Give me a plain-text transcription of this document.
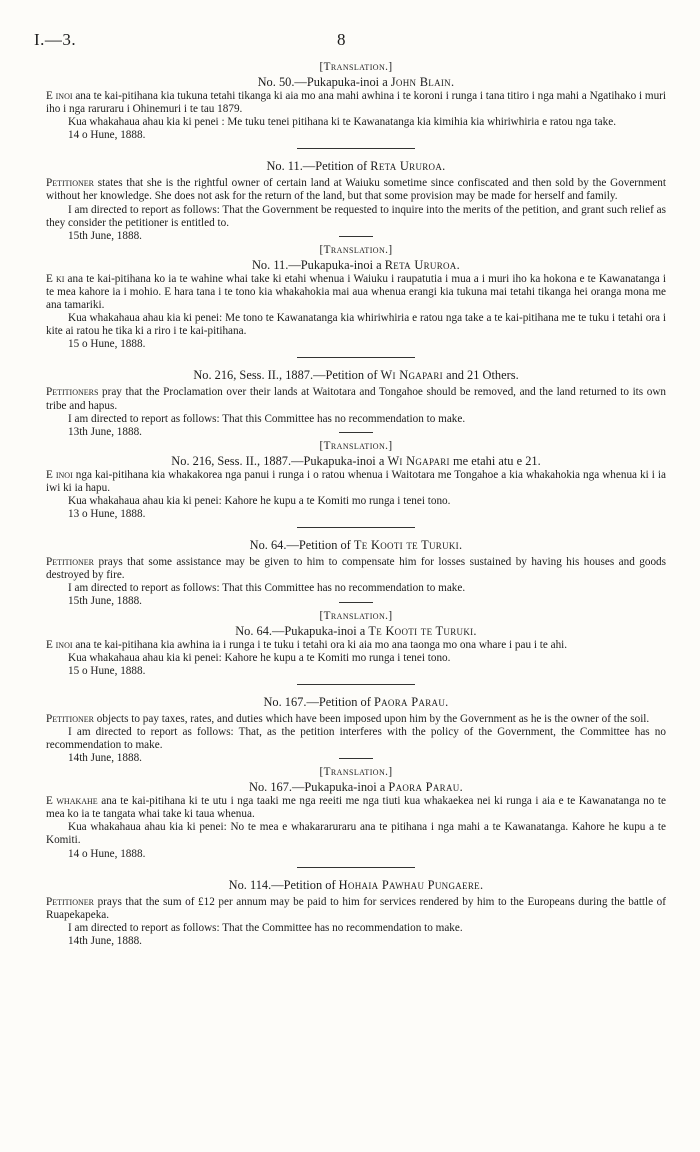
I.—3.	8
[Translation.]
No. 50.—Pukapuka-inoi a John Blain.

E inoi ana te kai-pitihana kia tukuna tetahi tikanga ki aia mo ana mahi awhina i te koroni i runga i tana titiro i nga mahi a Ngatihako i muri iho i nga raruraru i Ohinemuri i te tau 1879.

Kua whakahaua ahau kia ki penei : Me tuku tenei pitihana ki te Kawanatanga kia kimihia kia whiriwhiria e ratou nga take.

14 o Hune, 1888.

No. 11.—Petition of Reta Ururoa.

Petitioner states that she is the rightful owner of certain land at Waiuku sometime since confiscated and then sold by the Government without her knowledge. She does not ask for the return of the land, but that some provision may be made for herself and family.

I am directed to report as follows: That the Government be requested to inquire into the merits of the petition, and grant such relief as they consider the petitioner is entitled to.

15th June, 1888.

[Translation.]
No. 11.—Pukapuka-inoi a Reta Ururoa.

E ki ana te kai-pitihana ko ia te wahine whai take ki etahi whenua i Waiuku i raupatutia i mua a i muri iho ka hokona e te Kawanatanga i te mea kahore ia i mohio. E hara tana i te tono kia whakahokia mai aua whenua erangi kia tukuna mai tetahi tikanga hei oranga mona me ana tamariki.

Kua whakahaua ahau kia ki penei: Me tono te Kawanatanga kia whiriwhiria e ratou nga take a te kai-pitihana me te tuku i tetahi ora i kite ai ratou he tika ki a riro i te kai-pitihana.

15 o Hune, 1888.

No. 216, Sess. II., 1887.—Petition of Wi Ngapari and 21 Others.

Petitioners pray that the Proclamation over their lands at Waitotara and Tongahoe should be removed, and the land returned to its own tribe and hapus.

I am directed to report as follows: That this Committee has no recommendation to make.

13th June, 1888.

[Translation.]
No. 216, Sess. II., 1887.—Pukapuka-inoi a Wi Ngapari me etahi atu e 21.

E inoi nga kai-pitihana kia whakakorea nga panui i runga i o ratou whenua i Waitotara me Tongahoe a kia whakahokia nga whenua ki i ia iwi ki ia hapu.

Kua whakahaua ahau kia ki penei: Kahore he kupu a te Komiti mo runga i tenei tono.

13 o Hune, 1888.

No. 64.—Petition of Te Kooti te Turuki.

Petitioner prays that some assistance may be given to him to compensate him for losses sustained by having his houses and goods destroyed by fire.

I am directed to report as follows: That this Committee has no recommendation to make.

15th June, 1888.

[Translation.]
No. 64.—Pukapuka-inoi a Te Kooti te Turuki.

E inoi ana te kai-pitihana kia awhina ia i runga i te tuku i tetahi ora ki aia mo ana taonga mo ona whare i pau i te ahi.

Kua whakahaua ahau kia ki penei: Kahore he kupu a te Komiti mo runga i tenei tono.

15 o Hune, 1888.

No. 167.—Petition of Paora Parau.

Petitioner objects to pay taxes, rates, and duties which have been imposed upon him by the Government as he is the owner of the soil.

I am directed to report as follows: That, as the petition interferes with the policy of the Government, the Committee has no recommendation to make.

14th June, 1888.

[Translation.]
No. 167.—Pukapuka-inoi a Paora Parau.

E whakahe ana te kai-pitihana ki te utu i nga taaki me nga reeiti me nga tiuti kua whakaekea nei ki runga i aia e te Kawanatanga no te mea ko ia te tangata whai take ki taua whenua.

Kua whakahaua ahau kia ki penei: No te mea e whakararuraru ana te pitihana i nga mahi a te Kawanatanga. Kahore he kupu a te Komiti.

14 o Hune, 1888.

No. 114.—Petition of Hohaia Pawhau Pungaere.

Petitioner prays that the sum of £12 per annum may be paid to him for services rendered by him to the Europeans during the battle of Ruapekapeka.

I am directed to report as follows: That the Committee has no recommendation to make.

14th June, 1888.
